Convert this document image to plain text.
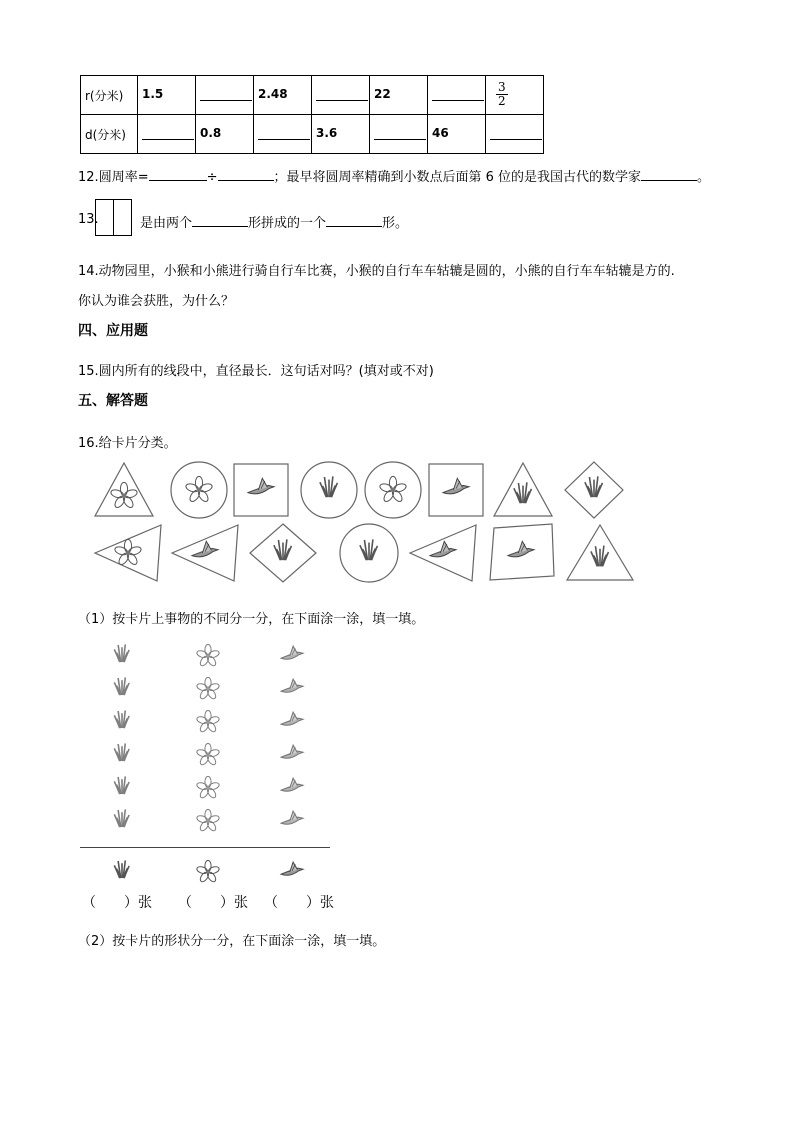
r(分米)	1.5		2.48		22		$\frac{3}{2}$

d(分米)		0.8		3.6		46	

12.圆周率=	÷	；最早将圆周率精确到小数点后面第 6 位的是我国古代的数学家	。
13.	是由两个	形拼成的一个	形。
14.动物园里，小猴和小熊进行骑自行车比赛，小猴的自行车车轱辘是圆的，小熊的自行车车轱辘是方的.
你认为谁会获胜，为什么？
四、应用题
15.圆内所有的线段中，直径最长．这句话对吗？(填对或不对)
五、解答题
16.给卡片分类。
（1）按卡片上事物的不同分一分，在下面涂一涂，填一填。
（　　）张 （　　）张 （　　）张
（2）按卡片的形状分一分，在下面涂一涂，填一填。
